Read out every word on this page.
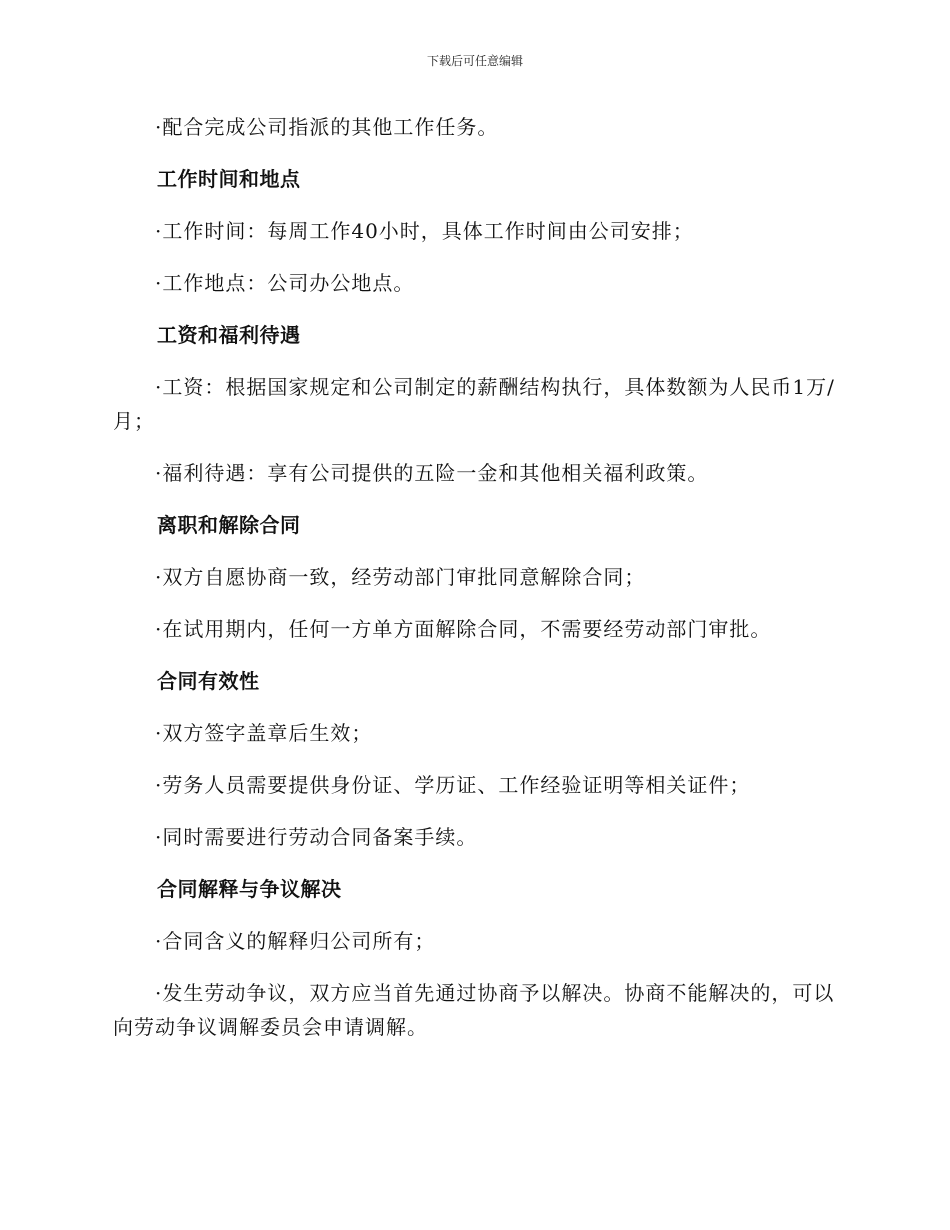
下载后可任意编辑

·配合完成公司指派的其他工作任务。

工作时间和地点

·工作时间：每周工作40小时，具体工作时间由公司安排；

·工作地点：公司办公地点。

工资和福利待遇

·工资：根据国家规定和公司制定的薪酬结构执行，具体数额为人民币1万/月；

·福利待遇：享有公司提供的五险一金和其他相关福利政策。

离职和解除合同

·双方自愿协商一致，经劳动部门审批同意解除合同；

·在试用期内，任何一方单方面解除合同，不需要经劳动部门审批。

合同有效性

·双方签字盖章后生效；

·劳务人员需要提供身份证、学历证、工作经验证明等相关证件；

·同时需要进行劳动合同备案手续。

合同解释与争议解决

·合同含义的解释归公司所有；

·发生劳动争议，双方应当首先通过协商予以解决。协商不能解决的，可以向劳动争议调解委员会申请调解。
